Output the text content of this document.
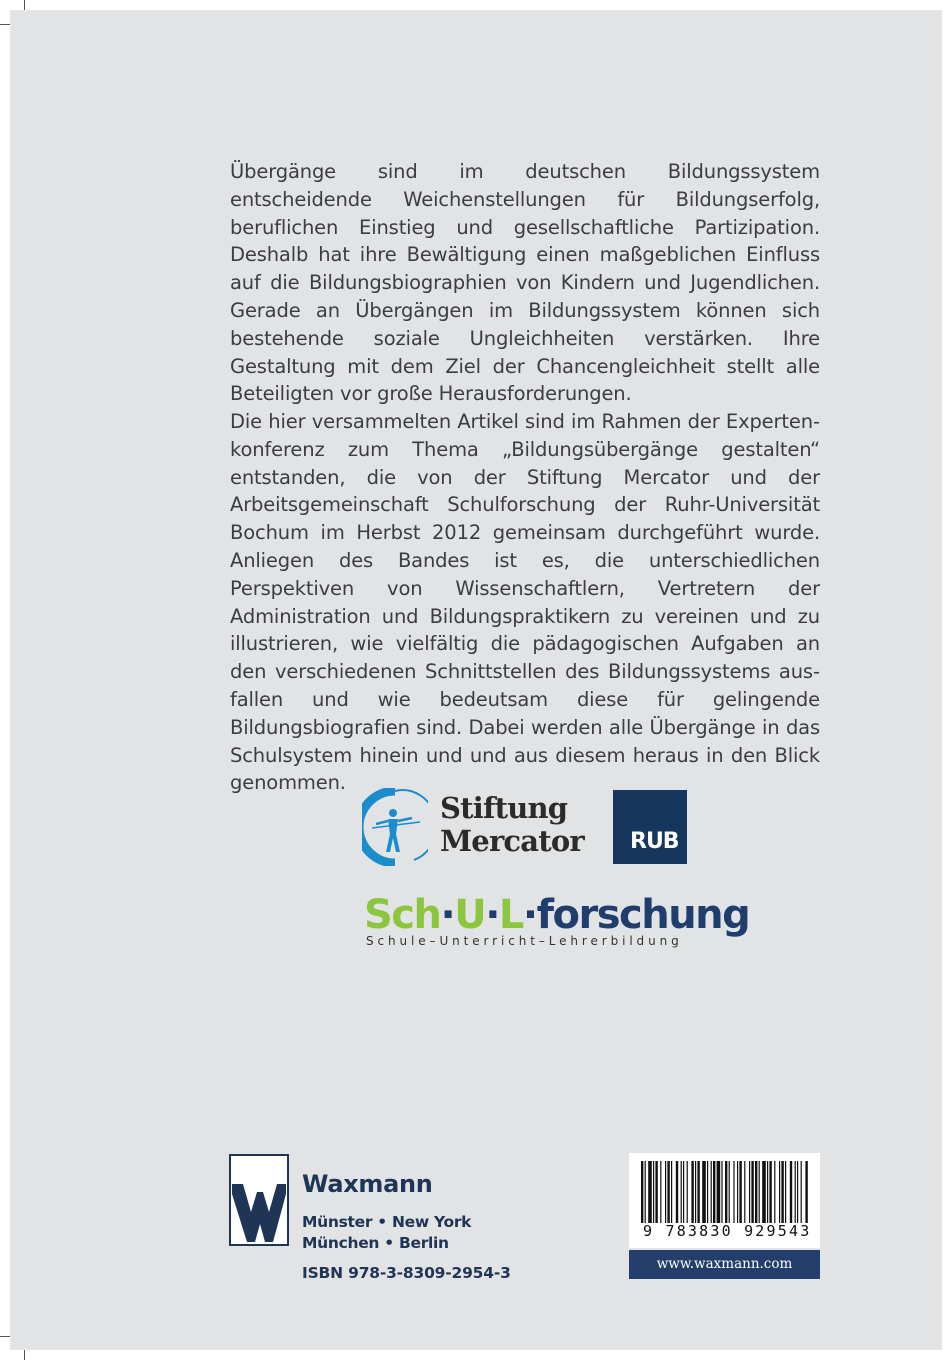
Übergänge sind im deutschen Bildungssystem entscheidende Weichenstellungen für Bildungserfolg, beruflichen Einstieg und gesellschaftliche Partizipation. Deshalb hat ihre Bewältigung einen maßgeblichen Einfluss auf die Bildungsbiographien von Kindern und Jugendlichen. Gerade an Übergängen im Bildungssystem können sich bestehende soziale Ungleichheiten verstärken. Ihre Gestaltung mit dem Ziel der Chancengleichheit stellt alle Beteiligten vor große Herausforderungen.

Die hier versammelten Artikel sind im Rahmen der Expertenkonferenz zum Thema „Bildungsübergänge gestalten“ entstanden, die von der Stiftung Mercator und der Arbeitsgemeinschaft Schulforschung der Ruhr-Universität Bochum im Herbst 2012 gemeinsam durchgeführt wurde. Anliegen des Bandes ist es, die unterschiedlichen Perspektiven von Wissenschaftlern, Vertretern der Administration und Bildungspraktikern zu vereinen und zu illustrieren, wie vielfältig die pädagogischen Aufgaben an den verschiedenen Schnittstellen des Bildungssystems ausfallen und wie bedeutsam diese für gelingende Bildungsbiografien sind. Dabei werden alle Übergänge in das Schulsystem hinein und und aus diesem heraus in den Blick genommen.

Stiftung
Mercator	RUB
Sch·U·L·forschung
Schule–Unterricht–Lehrerbildung
Waxmann
Münster • New York
München • Berlin
ISBN 978-3-8309-2954-3
9 783830 929543
www.waxmann.com
